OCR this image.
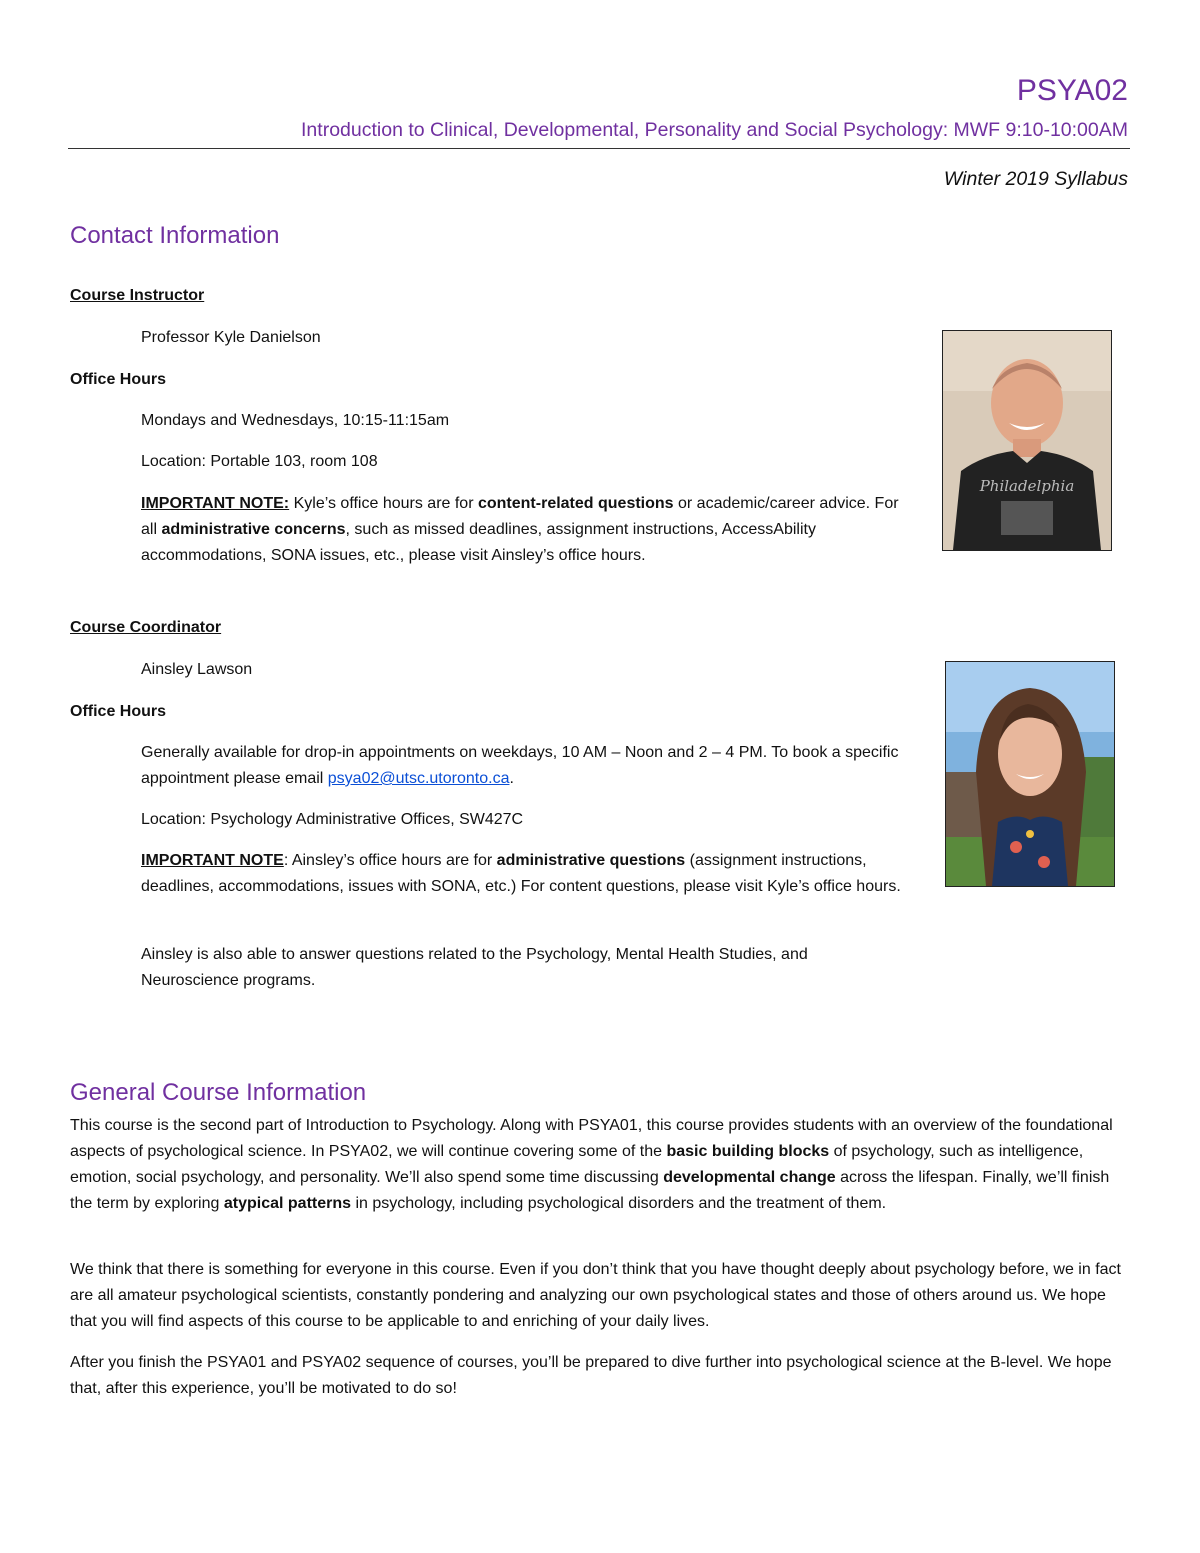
PSYA02
Introduction to Clinical, Developmental, Personality and Social Psychology: MWF 9:10-10:00AM
Winter 2019 Syllabus
Contact Information
Course Instructor
Professor Kyle Danielson
Office Hours
Mondays and Wednesdays, 10:15-11:15am
Location: Portable 103, room 108
IMPORTANT NOTE: Kyle’s office hours are for content-related questions or academic/career advice. For all administrative concerns, such as missed deadlines, assignment instructions, AccessAbility accommodations, SONA issues, etc., please visit Ainsley’s office hours.
Philadelphia
Course Coordinator
Ainsley Lawson
Office Hours
Generally available for drop-in appointments on weekdays, 10 AM – Noon and 2 – 4 PM. To book a specific appointment please email psya02@utsc.utoronto.ca.
Location: Psychology Administrative Offices, SW427C
IMPORTANT NOTE: Ainsley’s office hours are for administrative questions (assignment instructions, deadlines, accommodations, issues with SONA, etc.) For content questions, please visit Kyle’s office hours.
Ainsley is also able to answer questions related to the Psychology, Mental Health Studies, and Neuroscience programs.
General Course Information
This course is the second part of Introduction to Psychology. Along with PSYA01, this course provides students with an overview of the foundational aspects of psychological science. In PSYA02, we will continue covering some of the basic building blocks of psychology, such as intelligence, emotion, social psychology, and personality. We’ll also spend some time discussing developmental change across the lifespan. Finally, we’ll finish the term by exploring atypical patterns in psychology, including psychological disorders and the treatment of them.
We think that there is something for everyone in this course. Even if you don’t think that you have thought deeply about psychology before, we in fact are all amateur psychological scientists, constantly pondering and analyzing our own psychological states and those of others around us. We hope that you will find aspects of this course to be applicable to and enriching of your daily lives.
After you finish the PSYA01 and PSYA02 sequence of courses, you’ll be prepared to dive further into psychological science at the B-level. We hope that, after this experience, you’ll be motivated to do so!
